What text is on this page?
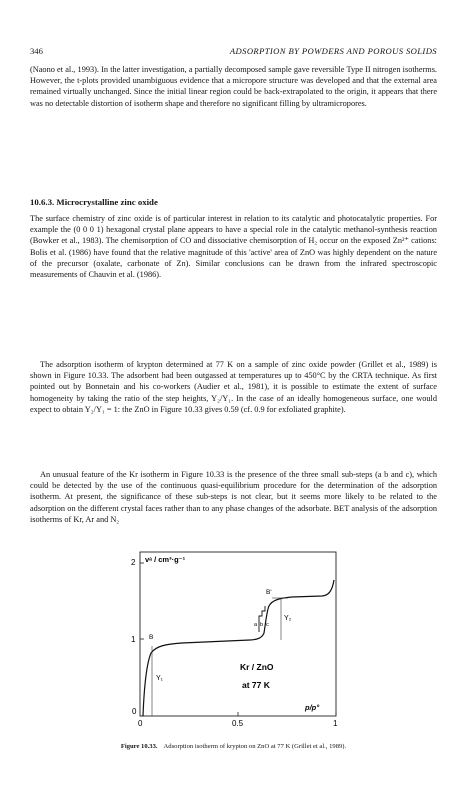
346	ADSORPTION BY POWDERS AND POROUS SOLIDS

(Naono et al., 1993). In the latter investigation, a partially decomposed sample gave reversible Type II nitrogen isotherms. However, the t-plots provided unambiguous evidence that a micropore structure was developed and that the external area remained virtually unchanged. Since the initial linear region could be back-extrapolated to the origin, it appears that there was no detectable distortion of isotherm shape and therefore no significant filling by ultramicropores.

10.6.3. Microcrystalline zinc oxide

The surface chemistry of zinc oxide is of particular interest in relation to its catalytic and photocatalytic properties. For example the (0 0 0 1) hexagonal crystal plane appears to have a special role in the catalytic methanol-synthesis reaction (Bowker et al., 1983). The chemisorption of CO and dissociative chemisorption of H₂ occur on the exposed Zn²⁺ cations: Bolis et al. (1986) have found that the relative magnitude of this 'active' area of ZnO was highly dependent on the nature of the precursor (oxalate, carbonate of Zn). Similar conclusions can be drawn from the infrared spectroscopic measurements of Chauvin et al. (1986).

The adsorption isotherm of krypton determined at 77 K on a sample of zinc oxide powder (Grillet et al., 1989) is shown in Figure 10.33. The adsorbent had been outgassed at temperatures up to 450°C by the CRTA technique. As first pointed out by Bonnetain and his co-workers (Audier et al., 1981), it is possible to estimate the extent of surface homogeneity by taking the ratio of the step heights, Y₂/Y₁. In the case of an ideally homogeneous surface, one would expect to obtain Y₂/Y₁ = 1: the ZnO in Figure 10.33 gives 0.59 (cf. 0.9 for exfoliated graphite).

An unusual feature of the Kr isotherm in Figure 10.33 is the presence of the three small sub-steps (a b and c), which could be detected by the use of the continuous quasi-equilibrium procedure for the determination of the adsorption isotherm. At present, the significance of these sub-steps is not clear, but it seems more likely to be related to the adsorption on the different crystal faces rather than to any phase changes of the adsorbate. BET analysis of the adsorption isotherms of Kr, Ar and N₂

2 vᵃ / cm³·g⁻¹
1
0
0	0.5	1
p/p°
B
B'
Y₁
Y₂
a b c
Kr / ZnO
at 77 K
Figure 10.33. Adsorption isotherm of krypton on ZnO at 77 K (Grillet et al., 1989).
